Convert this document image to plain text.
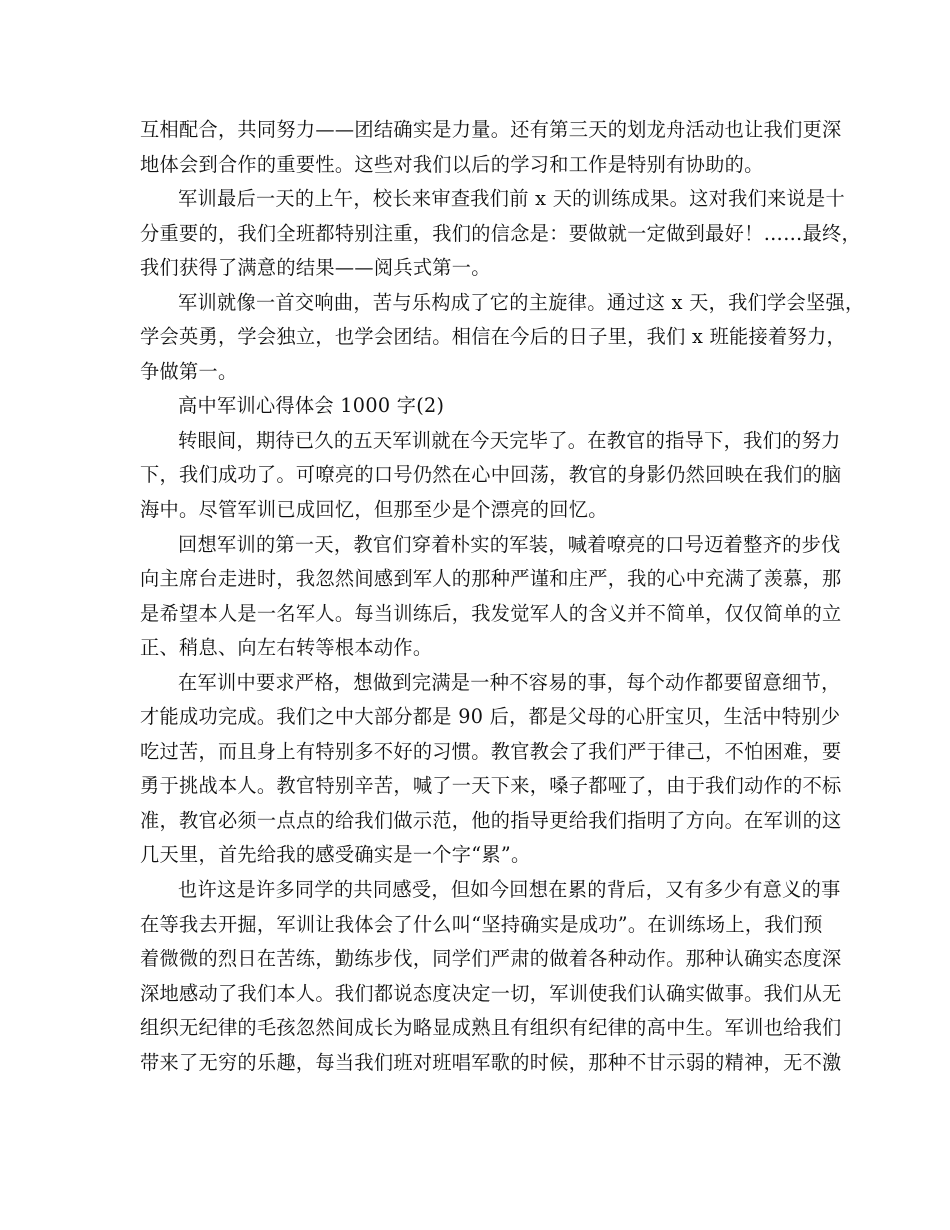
互相配合，共同努力——团结确实是力量。还有第三天的划龙舟活动也让我们更深
地体会到合作的重要性。这些对我们以后的学习和工作是特别有协助的。
军训最后一天的上午，校长来审查我们前 x 天的训练成果。这对我们来说是十
分重要的，我们全班都特别注重，我们的信念是：要做就一定做到最好！……最终，
我们获得了满意的结果——阅兵式第一。
军训就像一首交响曲，苦与乐构成了它的主旋律。通过这 x 天，我们学会坚强，
学会英勇，学会独立，也学会团结。相信在今后的日子里，我们 x 班能接着努力，
争做第一。
高中军训心得体会 1000 字(2)
转眼间，期待已久的五天军训就在今天完毕了。在教官的指导下，我们的努力
下，我们成功了。可嘹亮的口号仍然在心中回荡，教官的身影仍然回映在我们的脑
海中。尽管军训已成回忆，但那至少是个漂亮的回忆。
回想军训的第一天，教官们穿着朴实的军装，喊着嘹亮的口号迈着整齐的步伐
向主席台走进时，我忽然间感到军人的那种严谨和庄严，我的心中充满了羡慕，那
是希望本人是一名军人。每当训练后，我发觉军人的含义并不简单，仅仅简单的立
正、稍息、向左右转等根本动作。
在军训中要求严格，想做到完满是一种不容易的事，每个动作都要留意细节，
才能成功完成。我们之中大部分都是 90 后，都是父母的心肝宝贝，生活中特别少
吃过苦，而且身上有特别多不好的习惯。教官教会了我们严于律己，不怕困难，要
勇于挑战本人。教官特别辛苦，喊了一天下来，嗓子都哑了，由于我们动作的不标
准，教官必须一点点的给我们做示范，他的指导更给我们指明了方向。在军训的这
几天里，首先给我的感受确实是一个字“累”。
也许这是许多同学的共同感受，但如今回想在累的背后，又有多少有意义的事
在等我去开掘，军训让我体会了什么叫“坚持确实是成功”。在训练场上，我们预
着微微的烈日在苦练，勤练步伐，同学们严肃的做着各种动作。那种认确实态度深
深地感动了我们本人。我们都说态度决定一切，军训使我们认确实做事。我们从无
组织无纪律的毛孩忽然间成长为略显成熟且有组织有纪律的高中生。军训也给我们
带来了无穷的乐趣，每当我们班对班唱军歌的时候，那种不甘示弱的精神，无不激
